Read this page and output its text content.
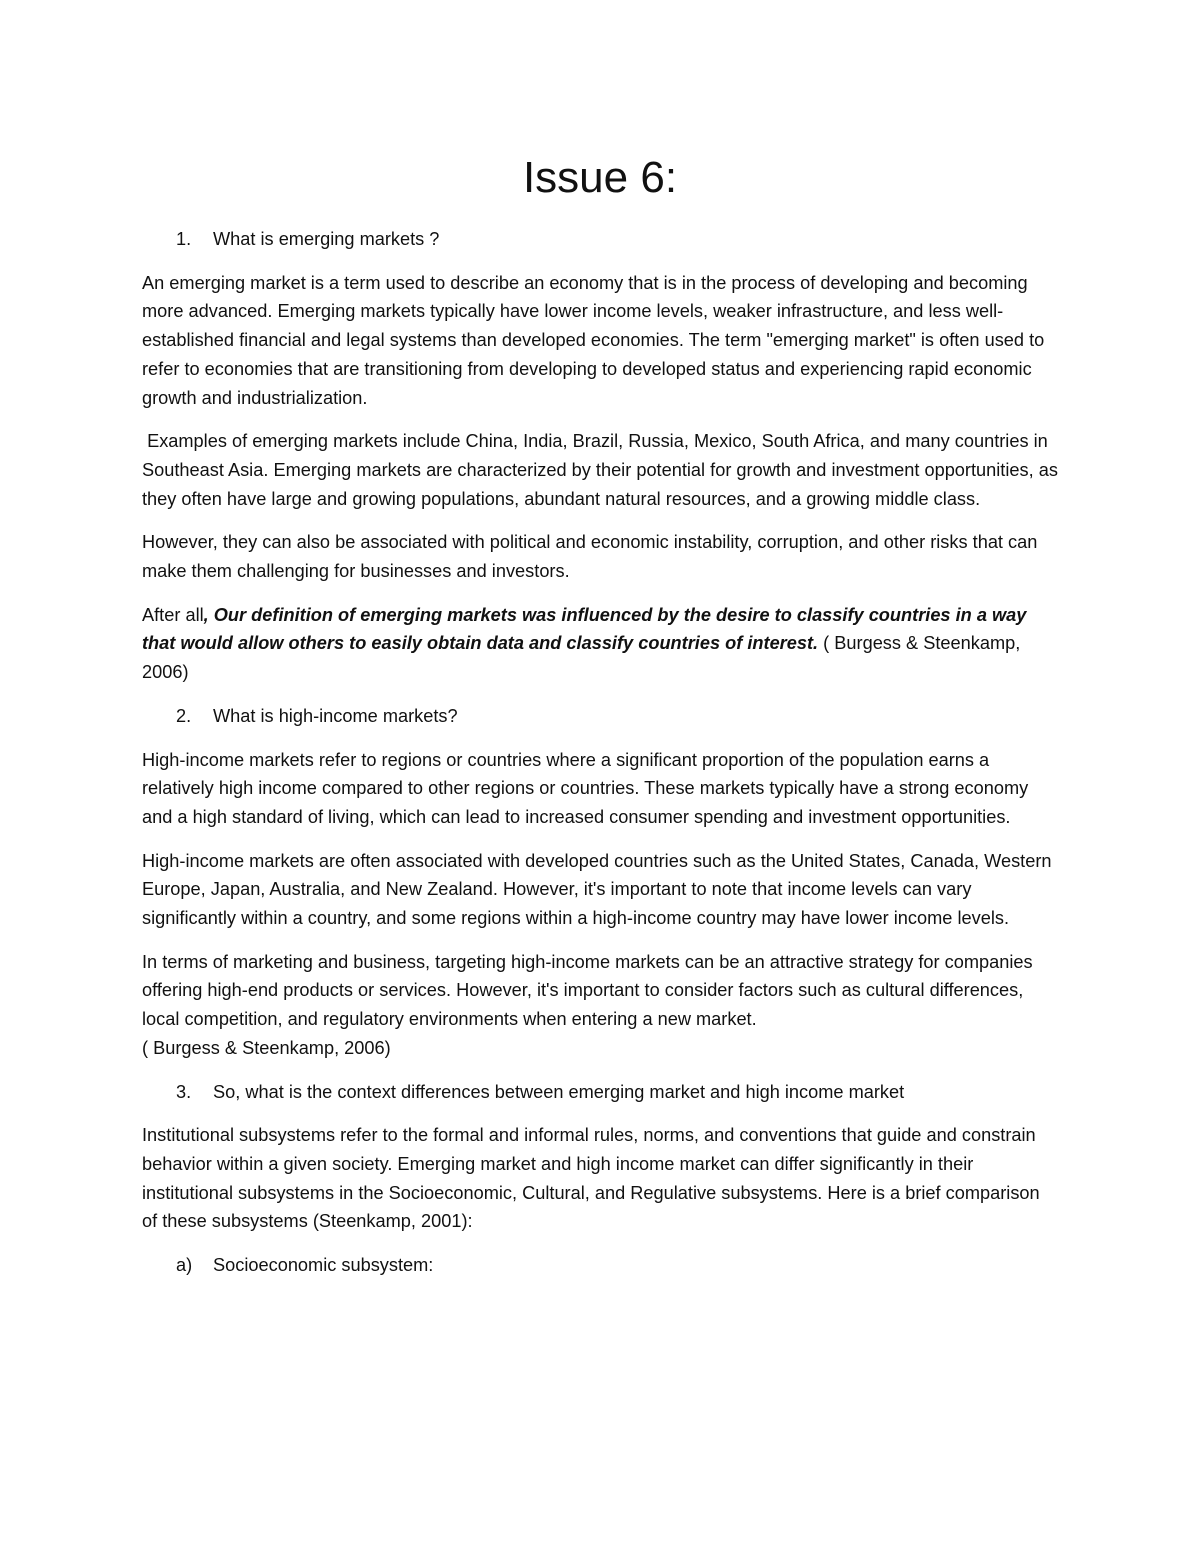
Issue 6:
1.	What is emerging markets ?

An emerging market is a term used to describe an economy that is in the process of developing and becoming more advanced. Emerging markets typically have lower income levels, weaker infrastructure, and less well-established financial and legal systems than developed economies. The term "emerging market" is often used to refer to economies that are transitioning from developing to developed status and experiencing rapid economic growth and industrialization.

Examples of emerging markets include China, India, Brazil, Russia, Mexico, South Africa, and many countries in Southeast Asia. Emerging markets are characterized by their potential for growth and investment opportunities, as they often have large and growing populations, abundant natural resources, and a growing middle class.

However, they can also be associated with political and economic instability, corruption, and other risks that can make them challenging for businesses and investors.

After all, Our definition of emerging markets was influenced by the desire to classify countries in a way that would allow others to easily obtain data and classify countries of interest. ( Burgess & Steenkamp, 2006)

2.	What is high-income markets?

High-income markets refer to regions or countries where a significant proportion of the population earns a relatively high income compared to other regions or countries. These markets typically have a strong economy and a high standard of living, which can lead to increased consumer spending and investment opportunities.

High-income markets are often associated with developed countries such as the United States, Canada, Western Europe, Japan, Australia, and New Zealand. However, it's important to note that income levels can vary significantly within a country, and some regions within a high-income country may have lower income levels.

In terms of marketing and business, targeting high-income markets can be an attractive strategy for companies offering high-end products or services. However, it's important to consider factors such as cultural differences, local competition, and regulatory environments when entering a new market.
( Burgess & Steenkamp, 2006)

3.	So, what is the context differences between emerging market and high income market

Institutional subsystems refer to the formal and informal rules, norms, and conventions that guide and constrain behavior within a given society. Emerging market and high income market can differ significantly in their institutional subsystems in the Socioeconomic, Cultural, and Regulative subsystems. Here is a brief comparison of these subsystems (Steenkamp, 2001):

a)	Socioeconomic subsystem:
